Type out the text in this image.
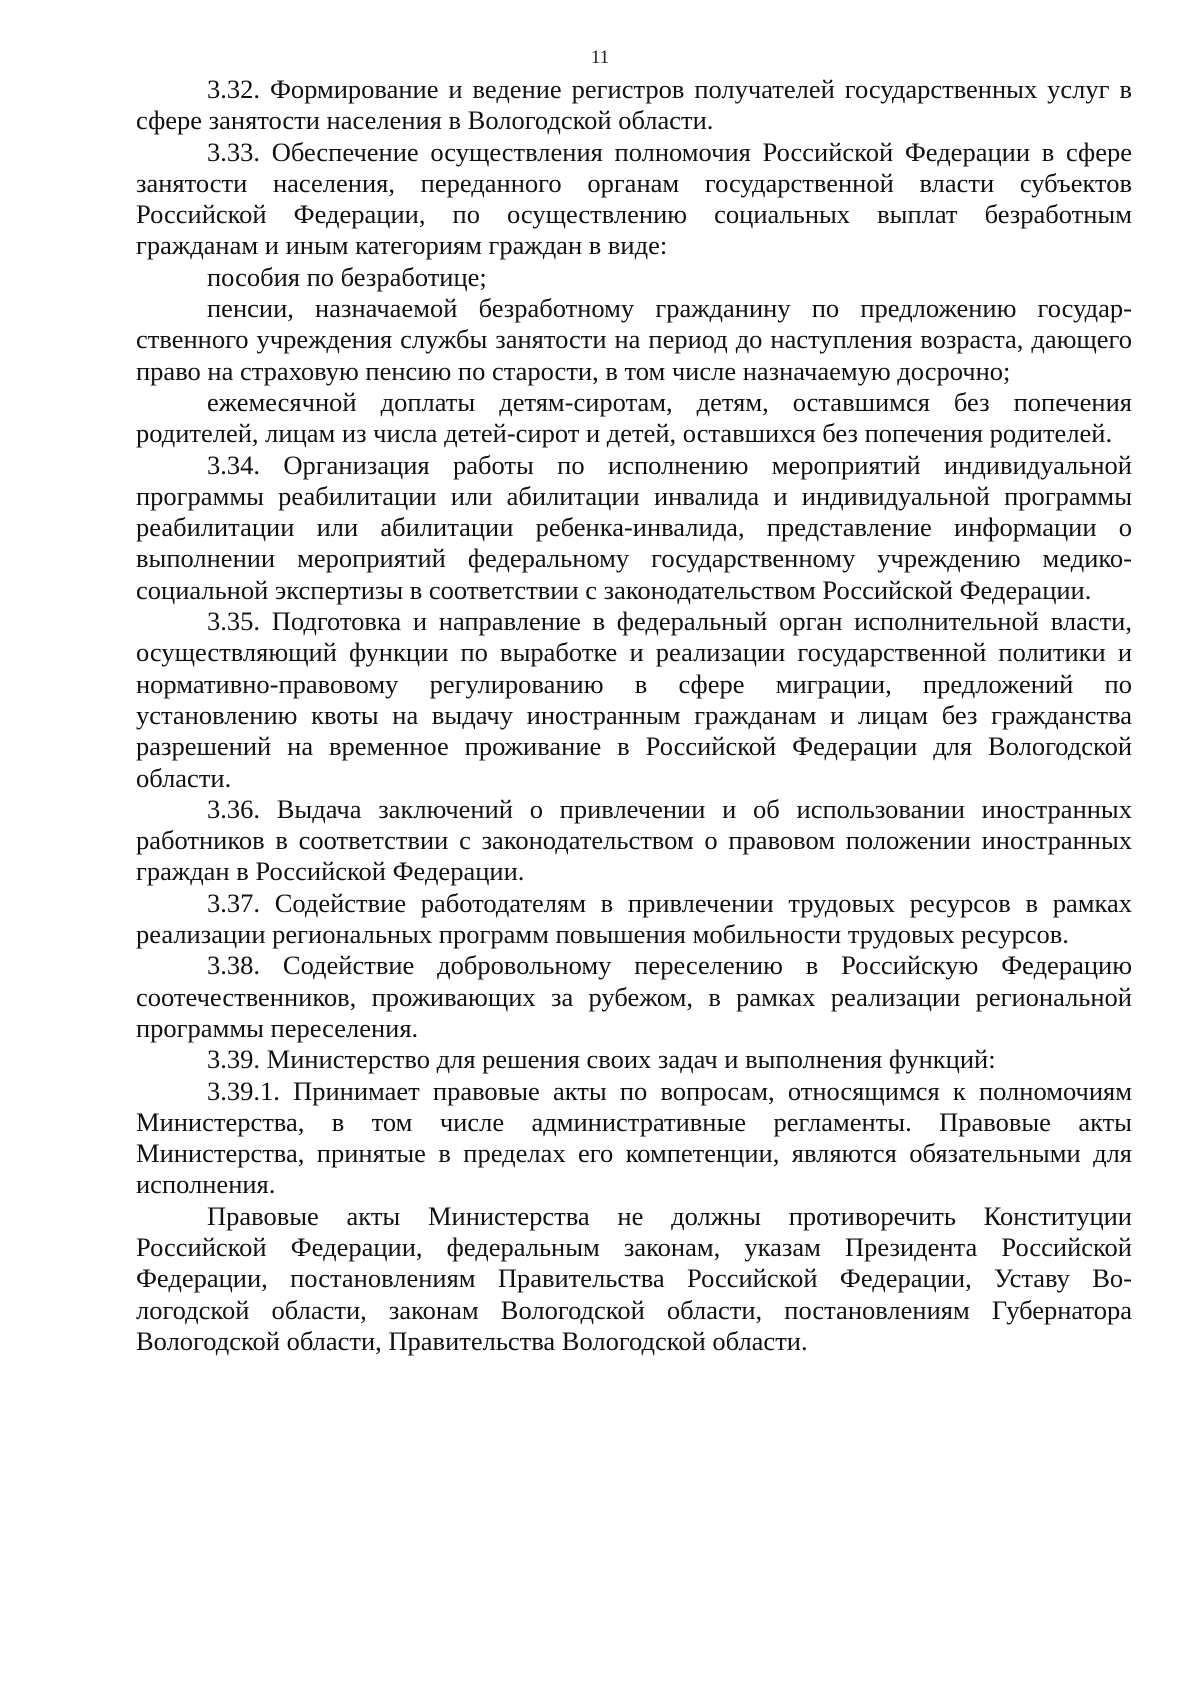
11

3.32. Формирование и ведение регистров получателей государственных услуг в сфере занятости населения в Вологодской области.

3.33. Обеспечение осуществления полномочия Российской Федерации в сфере занятости населения, переданного органам государственной власти субъектов Российской Федерации, по осуществлению социальных выплат безработным гражданам и иным категориям граждан в виде:

пособия по безработице;

пенсии, назначаемой безработному гражданину по предложению государственного учреждения службы занятости на период до наступления возраста, дающего право на страховую пенсию по старости, в том числе назначаемую досрочно;

ежемесячной доплаты детям-сиротам, детям, оставшимся без попечения родителей, лицам из числа детей-сирот и детей, оставшихся без попечения родителей.

3.34. Организация работы по исполнению мероприятий индивидуальной программы реабилитации или абилитации инвалида и индивидуальной программы реабилитации или абилитации ребенка-инвалида, представление информации о выполнении мероприятий федеральному государственному учреждению медико-социальной экспертизы в соответствии с законодательством Российской Федерации.

3.35. Подготовка и направление в федеральный орган исполнительной власти, осуществляющий функции по выработке и реализации государственной политики и нормативно-правовому регулированию в сфере миграции, предложений по установлению квоты на выдачу иностранным гражданам и лицам без гражданства разрешений на временное проживание в Российской Федерации для Вологодской области.

3.36. Выдача заключений о привлечении и об использовании иностранных работников в соответствии с законодательством о правовом положении иностранных граждан в Российской Федерации.

3.37. Содействие работодателям в привлечении трудовых ресурсов в рамках реализации региональных программ повышения мобильности трудовых ресурсов.

3.38. Содействие добровольному переселению в Российскую Федерацию соотечественников, проживающих за рубежом, в рамках реализации региональной программы переселения.

3.39. Министерство для решения своих задач и выполнения функций:

3.39.1. Принимает правовые акты по вопросам, относящимся к полномочиям Министерства, в том числе административные регламенты. Правовые акты Министерства, принятые в пределах его компетенции, являются обязательными для исполнения.

Правовые акты Министерства не должны противоречить Конституции Российской Федерации, федеральным законам, указам Президента Российской Федерации, постановлениям Правительства Российской Федерации, Уставу Вологодской области, законам Вологодской области, постановлениям Губернатора Вологодской области, Правительства Вологодской области.
